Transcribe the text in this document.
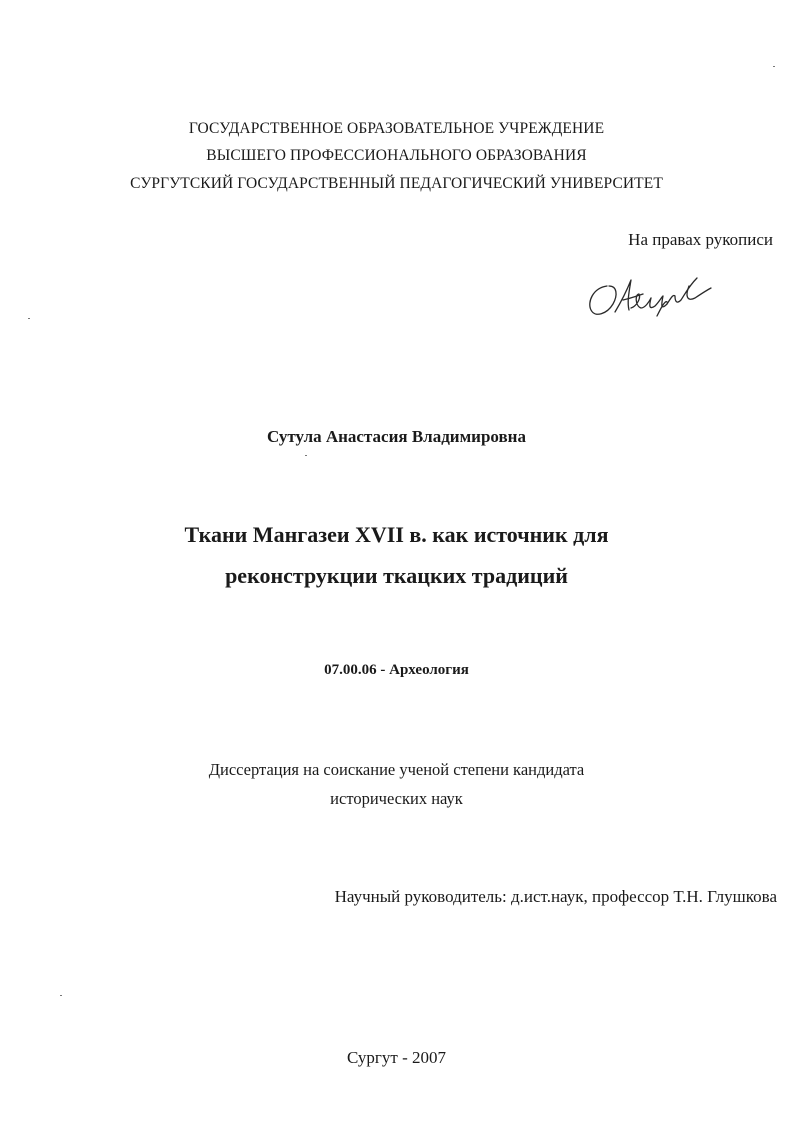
ГОСУДАРСТВЕННОЕ ОБРАЗОВАТЕЛЬНОЕ УЧРЕЖДЕНИЕ

ВЫСШЕГО ПРОФЕССИОНАЛЬНОГО ОБРАЗОВАНИЯ

СУРГУТСКИЙ ГОСУДАРСТВЕННЫЙ ПЕДАГОГИЧЕСКИЙ УНИВЕРСИТЕТ

На правах рукописи

Сутула Анастасия Владимировна

Ткани Мангазеи XVII в. как источник для

реконструкции ткацких традиций

07.00.06 - Археология

Диссертация на соискание ученой степени кандидата

исторических наук

Научный руководитель: д.ист.наук, профессор Т.Н. Глушкова

Сургут - 2007
